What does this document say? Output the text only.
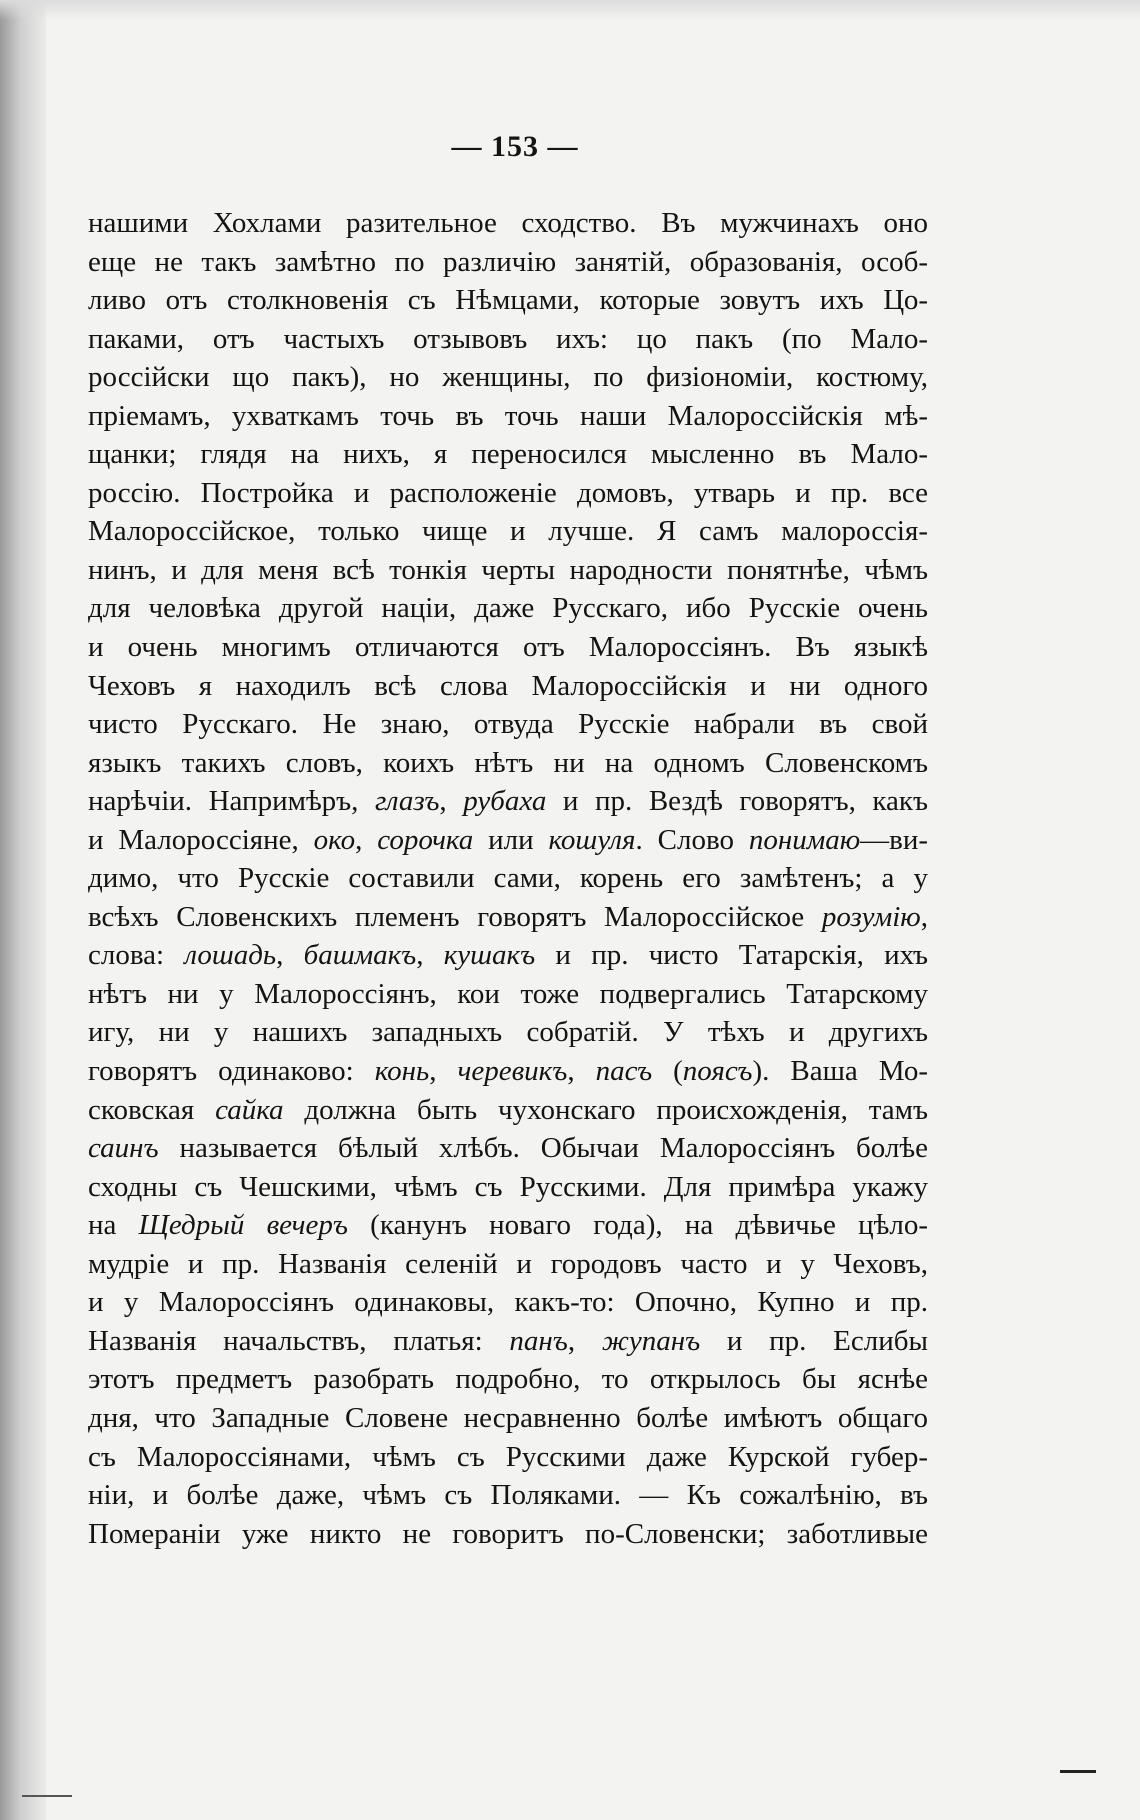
— 153 —
нашими Хохлами разительное сходство. Въ мужчинахъ оно
еще не такъ замѣтно по различію занятій, образованія, особ-
ливо отъ столкновенія съ Нѣмцами, которые зовутъ ихъ Цо-
паками, отъ частыхъ отзывовъ ихъ: цо пакъ (по Мало-
россійски що пакъ), но женщины, по физіономіи, костюму,
пріемамъ, ухваткамъ точь въ точь наши Малороссійскія мѣ-
щанки; глядя на нихъ, я переносился мысленно въ Мало-
россію. Постройка и расположеніе домовъ, утварь и пр. все
Малороссійское, только чище и лучше. Я самъ малороссія-
нинъ, и для меня всѣ тонкія черты народности понятнѣе, чѣмъ
для человѣка другой націи, даже Русскаго, ибо Русскіе очень
и очень многимъ отличаются отъ Малороссіянъ. Въ языкѣ
Чеховъ я находилъ всѣ слова Малороссійскія и ни одного
чисто Русскаго. Не знаю, отвуда Русскіе набрали въ свой
языкъ такихъ словъ, коихъ нѣтъ ни на одномъ Словенскомъ
нарѣчіи. Напримѣръ, глазъ, рубаха и пр. Вездѣ говорятъ, какъ
и Малороссіяне, око, сорочка или кошуля. Слово понимаю—ви-
димо, что Русскіе составили сами, корень его замѣтенъ; а у
всѣхъ Словенскихъ племенъ говорятъ Малороссійское розумію,
слова: лошадь, башмакъ, кушакъ и пр. чисто Татарскія, ихъ
нѣтъ ни у Малороссіянъ, кои тоже подвергались Татарскому
игу, ни у нашихъ западныхъ собратій. У тѣхъ и другихъ
говорятъ одинаково: конь, черевикъ, пасъ (поясъ). Ваша Мо-
сковская сайка должна быть чухонскаго происхожденія, тамъ
саинъ называется бѣлый хлѣбъ. Обычаи Малороссіянъ болѣе
сходны съ Чешскими, чѣмъ съ Русскими. Для примѣра укажу
на Щедрый вечеръ (канунъ новаго года), на дѣвичье цѣло-
мудріе и пр. Названія селеній и городовъ часто и у Чеховъ,
и у Малороссіянъ одинаковы, какъ-то: Опочно, Купно и пр.
Названія начальствъ, платья: панъ, жупанъ и пр. Еслибы
этотъ предметъ разобрать подробно, то открылось бы яснѣе
дня, что Западные Словене несравненно болѣе имѣютъ общаго
съ Малороссіянами, чѣмъ съ Русскими даже Курской губер-
ніи, и болѣе даже, чѣмъ съ Поляками. — Къ сожалѣнію, въ
Помераніи уже никто не говоритъ по-Словенски; заботливые
